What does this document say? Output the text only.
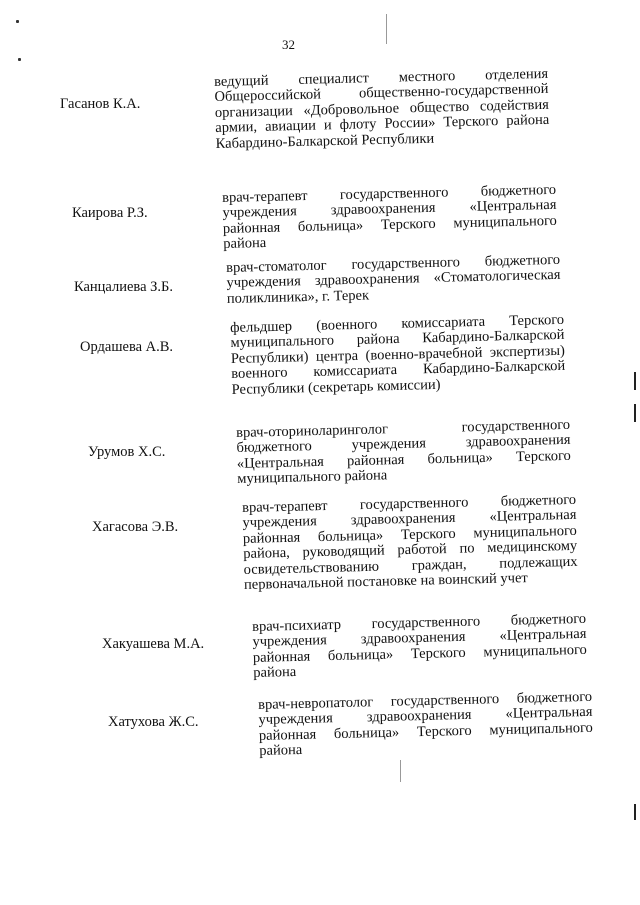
32
Гасанов К.А.
ведущий специалист местного отделения Общероссийской общественно-государственной организации «Добровольное общество содействия армии, авиации и флоту России» Терского района Кабардино-Балкарской Республики
Каирова Р.З.
врач-терапевт государственного бюджетного учреждения здравоохранения «Центральная районная больница» Терского муниципального района
Канцалиева З.Б.
врач-стоматолог государственного бюджетного учреждения здравоохранения «Стоматологическая поликлиника», г. Терек
Ордашева А.В.
фельдшер (военного комиссариата Терского муниципального района Кабардино-Балкарской Республики) центра (военно-врачебной экспертизы) военного комиссариата Кабардино-Балкарской Республики (секретарь комиссии)
Урумов Х.С.
врач-оториноларинголог государственного бюджетного учреждения здравоохранения «Центральная районная больница» Терского муниципального района
Хагасова Э.В.
врач-терапевт государственного бюджетного учреждения здравоохранения «Центральная районная больница» Терского муниципального района, руководящий работой по медицинскому освидетельствованию граждан, подлежащих первоначальной постановке на воинский учет
Хакуашева М.А.
врач-психиатр государственного бюджетного учреждения здравоохранения «Центральная районная больница» Терского муниципального района
Хатухова Ж.С.
врач-невропатолог государственного бюджетного учреждения здравоохранения «Центральная районная больница» Терского муниципального района
